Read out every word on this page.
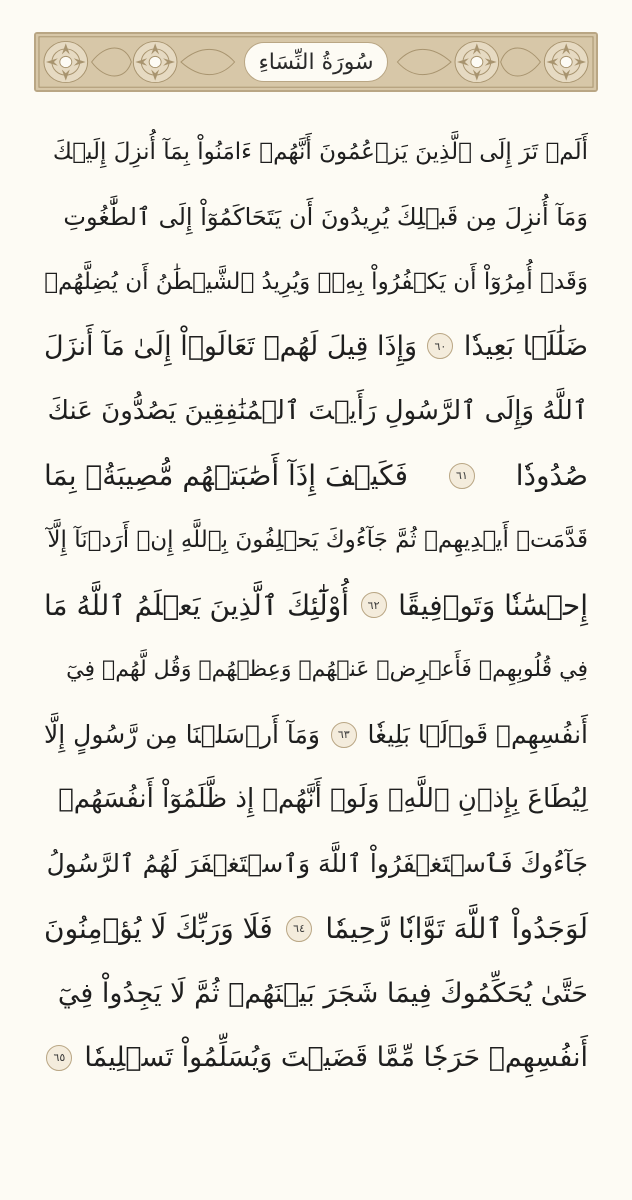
سُورَةُ النِّسَاءِ
أَلَمۡ تَرَ إِلَى ٱلَّذِينَ يَزۡعُمُونَ أَنَّهُمۡ ءَامَنُواْ بِمَآ أُنزِلَ إِلَيۡكَ
وَمَآ أُنزِلَ مِن قَبۡلِكَ يُرِيدُونَ أَن يَتَحَاكَمُوٓاْ إِلَى ٱلطَّٰغُوتِ
وَقَدۡ أُمِرُوٓاْ أَن يَكۡفُرُواْ بِهِۦۖ وَيُرِيدُ ٱلشَّيۡطَٰنُ أَن يُضِلَّهُمۡ
ضَلَٰلَۢا بَعِيدٗا
٦٠
وَإِذَا قِيلَ لَهُمۡ تَعَالَوۡاْ إِلَىٰ مَآ أَنزَلَ
ٱللَّهُ وَإِلَى ٱلرَّسُولِ رَأَيۡتَ ٱلۡمُنَٰفِقِينَ يَصُدُّونَ عَنكَ
صُدُودٗا
٦١
فَكَيۡفَ إِذَآ أَصَٰبَتۡهُم مُّصِيبَةُۢ بِمَا
قَدَّمَتۡ أَيۡدِيهِمۡ ثُمَّ جَآءُوكَ يَحۡلِفُونَ بِٱللَّهِ إِنۡ أَرَدۡنَآ إِلَّآ
إِحۡسَٰنٗا وَتَوۡفِيقًا
٦٢
أُوْلَٰٓئِكَ ٱلَّذِينَ يَعۡلَمُ ٱللَّهُ مَا
فِي قُلُوبِهِمۡ فَأَعۡرِضۡ عَنۡهُمۡ وَعِظۡهُمۡ وَقُل لَّهُمۡ فِيٓ
أَنفُسِهِمۡ قَوۡلَۢا بَلِيغٗا
٦٣
وَمَآ أَرۡسَلۡنَا مِن رَّسُولٍ إِلَّا
لِيُطَاعَ بِإِذۡنِ ٱللَّهِۚ وَلَوۡ أَنَّهُمۡ إِذ ظَّلَمُوٓاْ أَنفُسَهُمۡ
جَآءُوكَ فَٱسۡتَغۡفَرُواْ ٱللَّهَ وَٱسۡتَغۡفَرَ لَهُمُ ٱلرَّسُولُ
لَوَجَدُواْ ٱللَّهَ تَوَّابٗا رَّحِيمٗا
٦٤
فَلَا وَرَبِّكَ لَا يُؤۡمِنُونَ
حَتَّىٰ يُحَكِّمُوكَ فِيمَا شَجَرَ بَيۡنَهُمۡ ثُمَّ لَا يَجِدُواْ فِيٓ
أَنفُسِهِمۡ حَرَجٗا مِّمَّا قَضَيۡتَ وَيُسَلِّمُواْ تَسۡلِيمٗا
٦٥
